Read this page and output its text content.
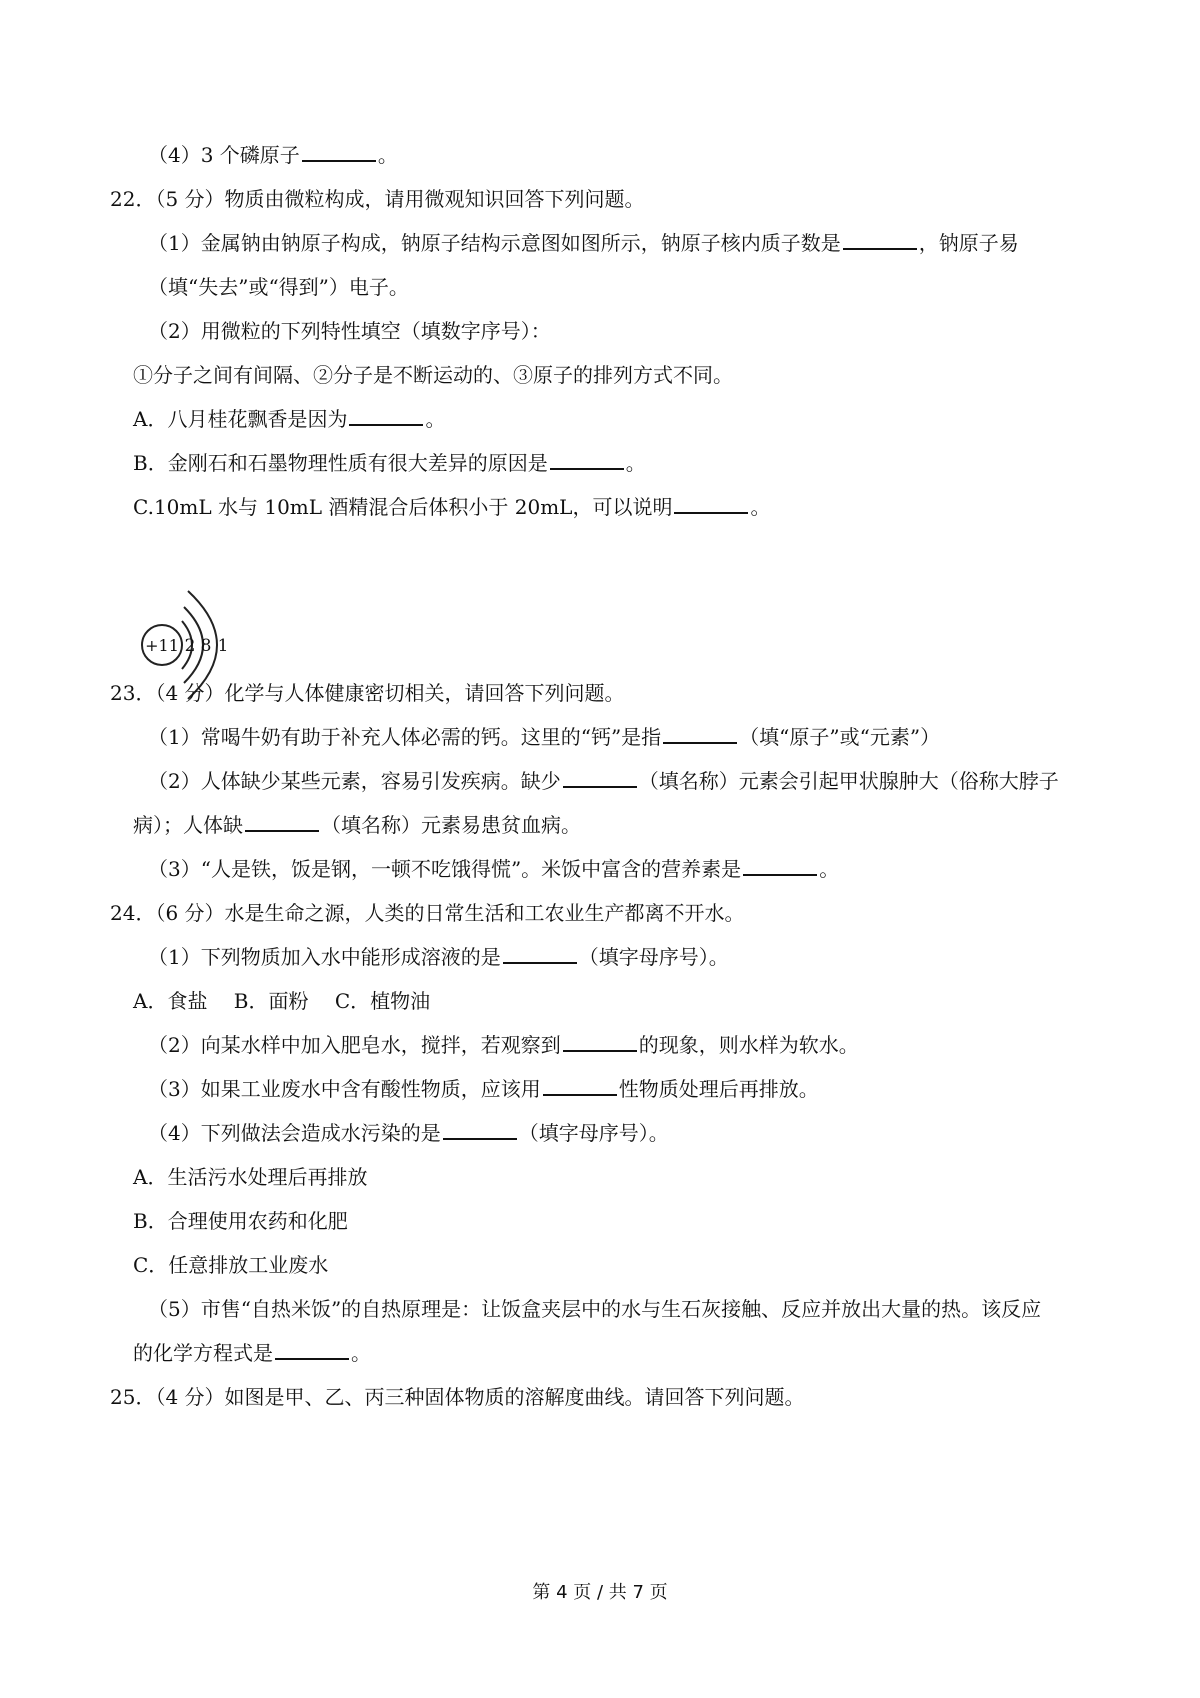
（4）3 个磷原子	。
22．（5 分）物质由微粒构成，请用微观知识回答下列问题。
（1）金属钠由钠原子构成，钠原子结构示意图如图所示，钠原子核内质子数是	，钠原子易
（填“失去”或“得到”）电子。
（2）用微粒的下列特性填空（填数字序号）：
①分子之间有间隔、②分子是不断运动的、③原子的排列方式不同。
A．八月桂花飘香是因为	。
B．金刚石和石墨物理性质有很大差异的原因是	。
C.10mL 水与 10mL 酒精混合后体积小于 20mL，可以说明	。
+11 2 8 1
23．（4 分）化学与人体健康密切相关，请回答下列问题。
（1）常喝牛奶有助于补充人体必需的钙。这里的“钙”是指	（填“原子”或“元素”）
（2）人体缺少某些元素，容易引发疾病。缺少	（填名称）元素会引起甲状腺肿大（俗称大脖子
病）；人体缺	（填名称）元素易患贫血病。
（3）“人是铁，饭是钢，一顿不吃饿得慌”。米饭中富含的营养素是	。
24．（6 分）水是生命之源，人类的日常生活和工农业生产都离不开水。
（1）下列物质加入水中能形成溶液的是	（填字母序号）。
A．食盐　 B．面粉　 C．植物油
（2）向某水样中加入肥皂水，搅拌，若观察到	的现象，则水样为软水。
（3）如果工业废水中含有酸性物质，应该用	性物质处理后再排放。
（4）下列做法会造成水污染的是	（填字母序号）。
A．生活污水处理后再排放
B．合理使用农药和化肥
C．任意排放工业废水
（5）市售“自热米饭”的自热原理是：让饭盒夹层中的水与生石灰接触、反应并放出大量的热。该反应
的化学方程式是	。
25．（4 分）如图是甲、乙、丙三种固体物质的溶解度曲线。请回答下列问题。
第 4 页 / 共 7 页
